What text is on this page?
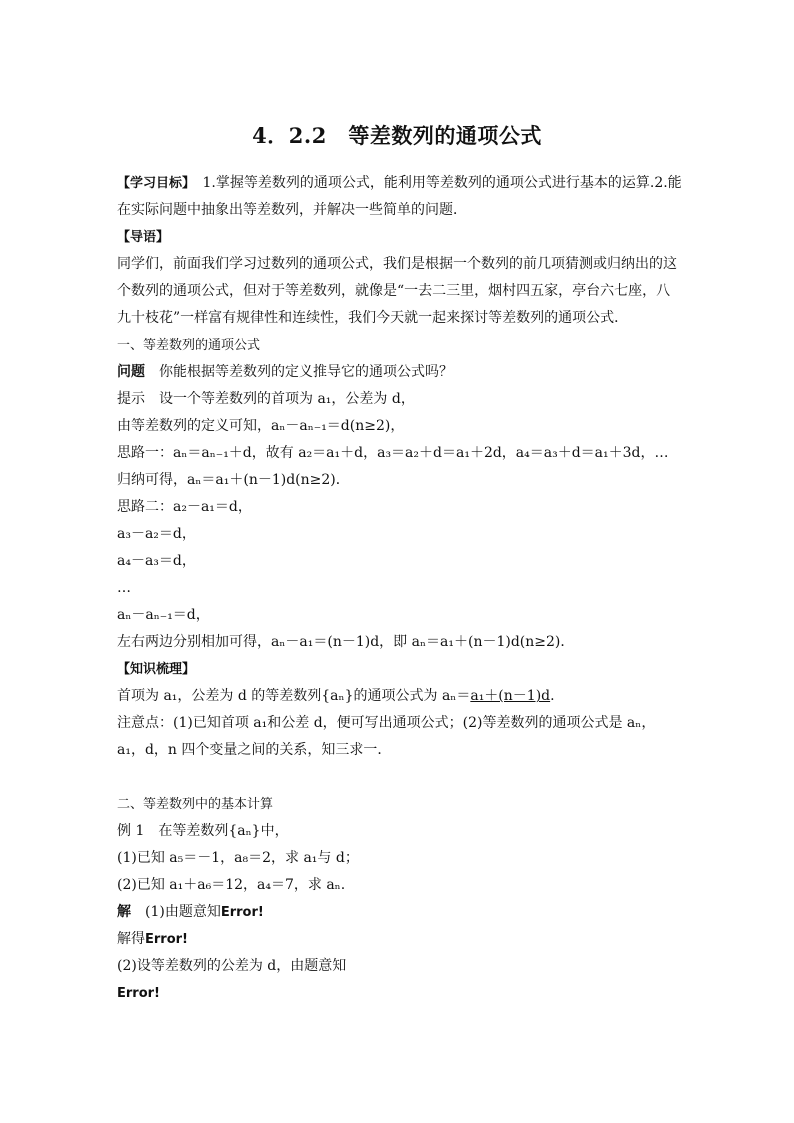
4．2.2　等差数列的通项公式
【学习目标】　1.掌握等差数列的通项公式，能利用等差数列的通项公式进行基本的运算.2.能在实际问题中抽象出等差数列，并解决一些简单的问题．
【导语】
同学们，前面我们学习过数列的通项公式，我们是根据一个数列的前几项猜测或归纳出的这个数列的通项公式，但对于等差数列，就像是“一去二三里，烟村四五家，亭台六七座，八九十枝花”一样富有规律性和连续性，我们今天就一起来探讨等差数列的通项公式．
一、等差数列的通项公式
问题　你能根据等差数列的定义推导它的通项公式吗？
提示　设一个等差数列的首项为 a₁，公差为 d，
由等差数列的定义可知，aₙ－aₙ₋₁＝d(n≥2)，
思路一：aₙ＝aₙ₋₁＋d，故有 a₂＝a₁＋d，a₃＝a₂＋d＝a₁＋2d，a₄＝a₃＋d＝a₁＋3d，…
归纳可得，aₙ＝a₁＋(n－1)d(n≥2)．
思路二：a₂－a₁＝d，
a₃－a₂＝d，
a₄－a₃＝d，
…
aₙ－aₙ₋₁＝d，
左右两边分别相加可得，aₙ－a₁＝(n－1)d，即 aₙ＝a₁＋(n－1)d(n≥2)．
【知识梳理】
首项为 a₁，公差为 d 的等差数列{aₙ}的通项公式为 aₙ＝a₁＋(n－1)d.
注意点：(1)已知首项 a₁和公差 d，便可写出通项公式；(2)等差数列的通项公式是 aₙ，a₁，d，n 四个变量之间的关系，知三求一．
二、等差数列中的基本计算
例 1　在等差数列{aₙ}中，
(1)已知 a₅＝－1，a₈＝2，求 a₁与 d；
(2)已知 a₁＋a₆＝12，a₄＝7，求 aₙ.
解　(1)由题意知Error!
解得Error!
(2)设等差数列的公差为 d，由题意知
Error!
